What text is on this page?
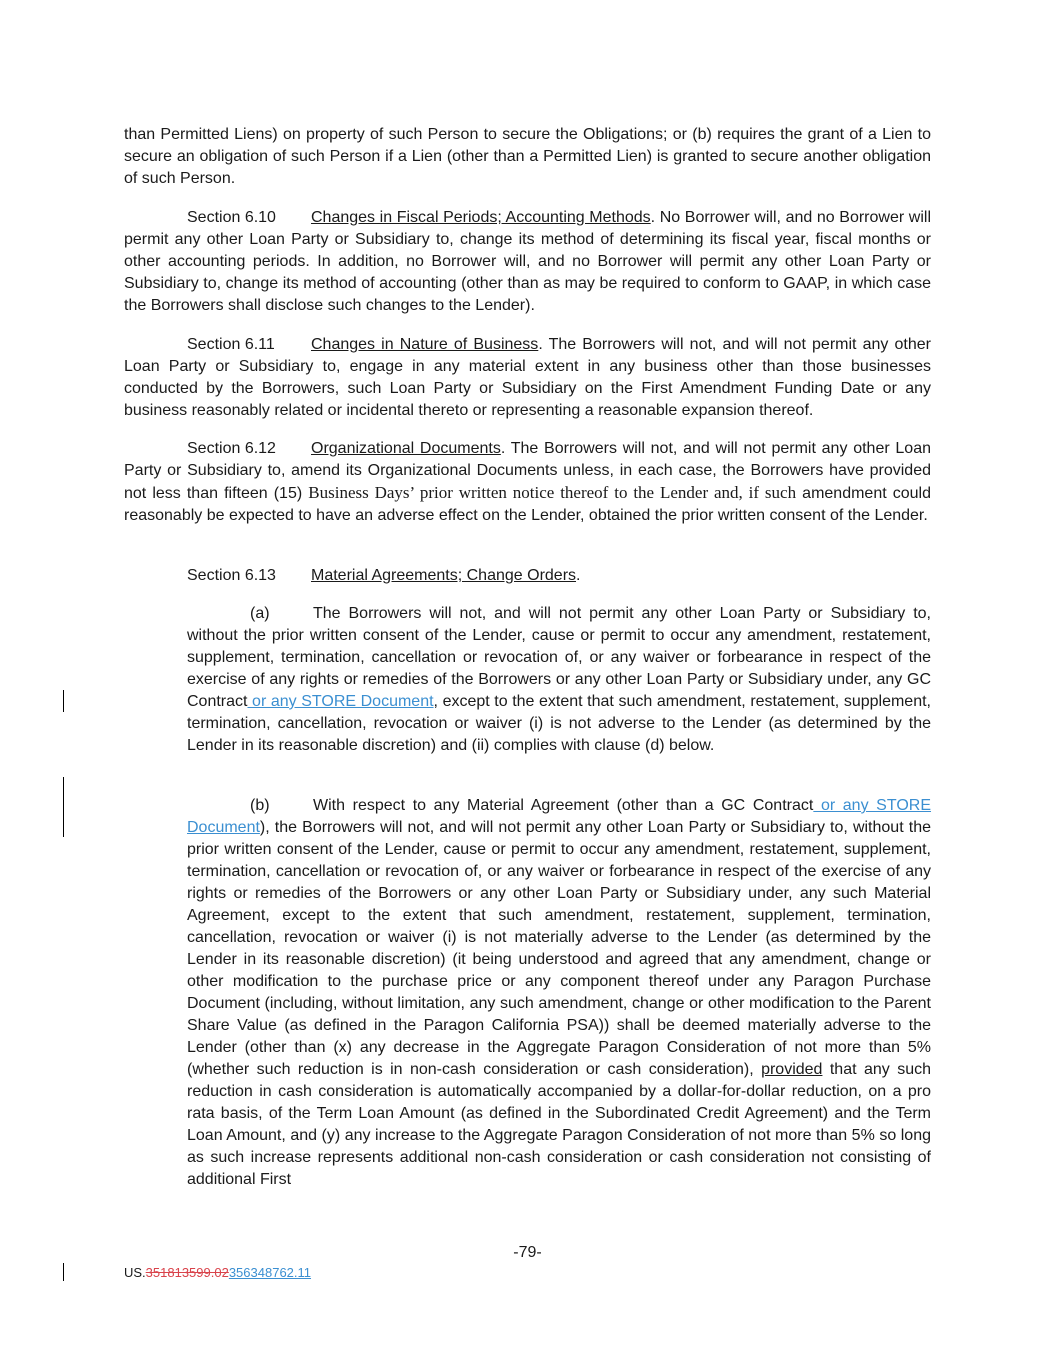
than Permitted Liens) on property of such Person to secure the Obligations; or (b) requires the grant of a Lien to secure an obligation of such Person if a Lien (other than a Permitted Lien) is granted to secure another obligation of such Person.

Section 6.10 Changes in Fiscal Periods; Accounting Methods. No Borrower will, and no Borrower will permit any other Loan Party or Subsidiary to, change its method of determining its fiscal year, fiscal months or other accounting periods. In addition, no Borrower will, and no Borrower will permit any other Loan Party or Subsidiary to, change its method of accounting (other than as may be required to conform to GAAP, in which case the Borrowers shall disclose such changes to the Lender).

Section 6.11 Changes in Nature of Business. The Borrowers will not, and will not permit any other Loan Party or Subsidiary to, engage in any material extent in any business other than those businesses conducted by the Borrowers, such Loan Party or Subsidiary on the First Amendment Funding Date or any business reasonably related or incidental thereto or representing a reasonable expansion thereof.

Section 6.12 Organizational Documents. The Borrowers will not, and will not permit any other Loan Party or Subsidiary to, amend its Organizational Documents unless, in each case, the Borrowers have provided not less than fifteen (15) Business Days’ prior written notice thereof to the Lender and, if such amendment could reasonably be expected to have an adverse effect on the Lender, obtained the prior written consent of the Lender.

Section 6.13 Material Agreements; Change Orders.

(a)	The Borrowers will not, and will not permit any other Loan Party or Subsidiary to, without the prior written consent of the Lender, cause or permit to occur any amendment, restatement, supplement, termination, cancellation or revocation of, or any waiver or forbearance in respect of the exercise of any rights or remedies of the Borrowers or any other Loan Party or Subsidiary under, any GC Contract or any STORE Document, except to the extent that such amendment, restatement, supplement, termination, cancellation, revocation or waiver (i) is not adverse to the Lender (as determined by the Lender in its reasonable discretion) and (ii) complies with clause (d) below.

(b)	With respect to any Material Agreement (other than a GC Contract or any STORE Document), the Borrowers will not, and will not permit any other Loan Party or Subsidiary to, without the prior written consent of the Lender, cause or permit to occur any amendment, restatement, supplement, termination, cancellation or revocation of, or any waiver or forbearance in respect of the exercise of any rights or remedies of the Borrowers or any other Loan Party or Subsidiary under, any such Material Agreement, except to the extent that such amendment, restatement, supplement, termination, cancellation, revocation or waiver (i) is not materially adverse to the Lender (as determined by the Lender in its reasonable discretion) (it being understood and agreed that any amendment, change or other modification to the purchase price or any component thereof under any Paragon Purchase Document (including, without limitation, any such amendment, change or other modification to the Parent Share Value (as defined in the Paragon California PSA)) shall be deemed materially adverse to the Lender (other than (x) any decrease in the Aggregate Paragon Consideration of not more than 5% (whether such reduction is in non-cash consideration or cash consideration), provided that any such reduction in cash consideration is automatically accompanied by a dollar-for-dollar reduction, on a pro rata basis, of the Term Loan Amount (as defined in the Subordinated Credit Agreement) and the Term Loan Amount, and (y) any increase to the Aggregate Paragon Consideration of not more than 5% so long as such increase represents additional non-cash consideration or cash consideration not consisting of additional First

-79-
US.351813599.02356348762.11
